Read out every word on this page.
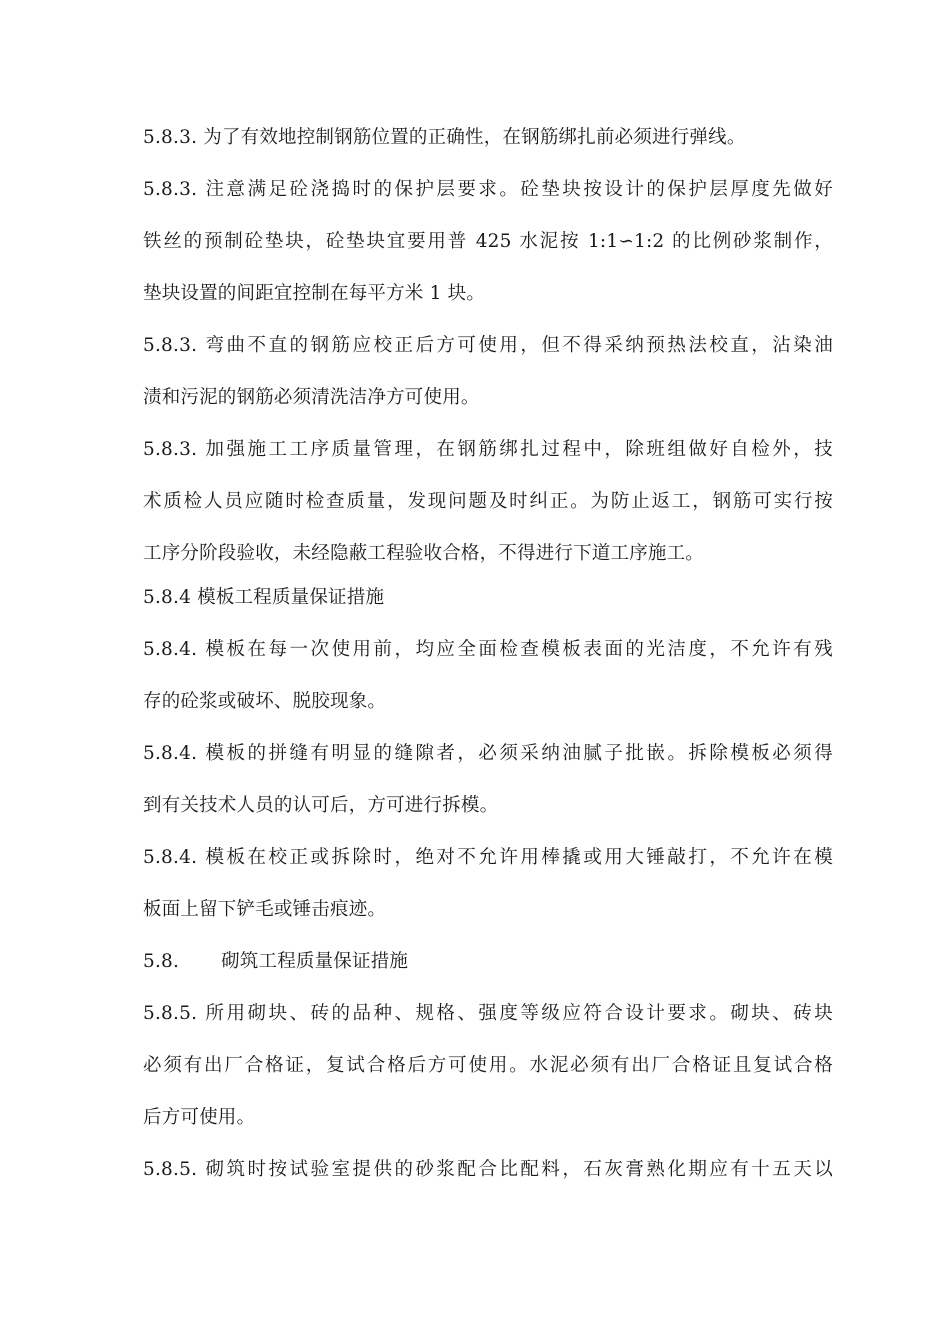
5.8.3. 为了有效地控制钢筋位置的正确性，在钢筋绑扎前必须进行弹线。
5.8.3. 注意满足砼浇捣时的保护层要求。砼垫块按设计的保护层厚度先做好
铁丝的预制砼垫块，砼垫块宜要用普 425 水泥按 1:1∽1:2 的比例砂浆制作，
垫块设置的间距宜控制在每平方米 1 块。
5.8.3. 弯曲不直的钢筋应校正后方可使用，但不得采纳预热法校直，沾染油
渍和污泥的钢筋必须清洗洁净方可使用。
5.8.3. 加强施工工序质量管理，在钢筋绑扎过程中，除班组做好自检外，技
术质检人员应随时检查质量，发现问题及时纠正。为防止返工，钢筋可实行按
工序分阶段验收，未经隐蔽工程验收合格，不得进行下道工序施工。
5.8.4 模板工程质量保证措施
5.8.4. 模板在每一次使用前，均应全面检查模板表面的光洁度，不允许有残
存的砼浆或破坏、脱胶现象。
5.8.4. 模板的拼缝有明显的缝隙者，必须采纳油腻子批嵌。拆除模板必须得
到有关技术人员的认可后，方可进行拆模。
5.8.4. 模板在校正或拆除时，绝对不允许用棒撬或用大锤敲打，不允许在模
板面上留下铲毛或锤击痕迹。
5.8. 砌筑工程质量保证措施
5.8.5. 所用砌块、砖的品种、规格、强度等级应符合设计要求。砌块、砖块
必须有出厂合格证，复试合格后方可使用。水泥必须有出厂合格证且复试合格
后方可使用。
5.8.5. 砌筑时按试验室提供的砂浆配合比配料，石灰膏熟化期应有十五天以
